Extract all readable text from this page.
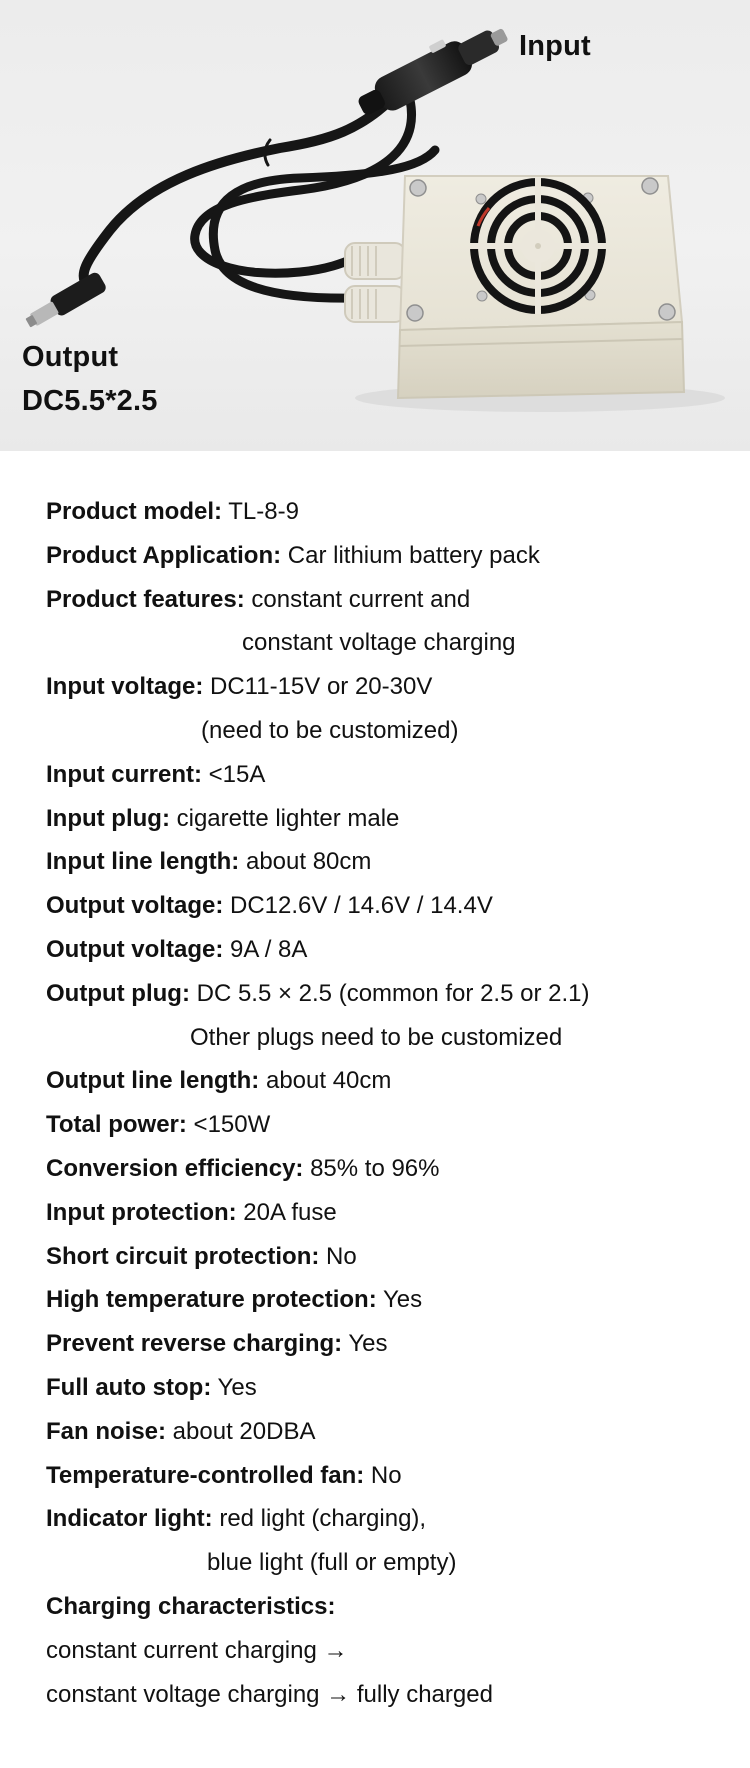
Input
Output
DC5.5*2.5
Product model: TL-8-9
Product Application: Car lithium battery pack
Product features: constant current and
constant voltage charging
Input voltage: DC11-15V or 20-30V
(need to be customized)
Input current: <15A
Input plug: cigarette lighter male
Input line length: about 80cm
Output voltage: DC12.6V / 14.6V / 14.4V
Output voltage: 9A / 8A
Output plug: DC 5.5 × 2.5 (common for 2.5 or 2.1)
Other plugs need to be customized
Output line length: about 40cm
Total power: <150W
Conversion efficiency: 85% to 96%
Input protection: 20A fuse
Short circuit protection: No
High temperature protection: Yes
Prevent reverse charging: Yes
Full auto stop: Yes
Fan noise: about 20DBA
Temperature-controlled fan: No
Indicator light: red light (charging),
blue light (full or empty)
Charging characteristics:
constant current charging →
constant voltage charging → fully charged
